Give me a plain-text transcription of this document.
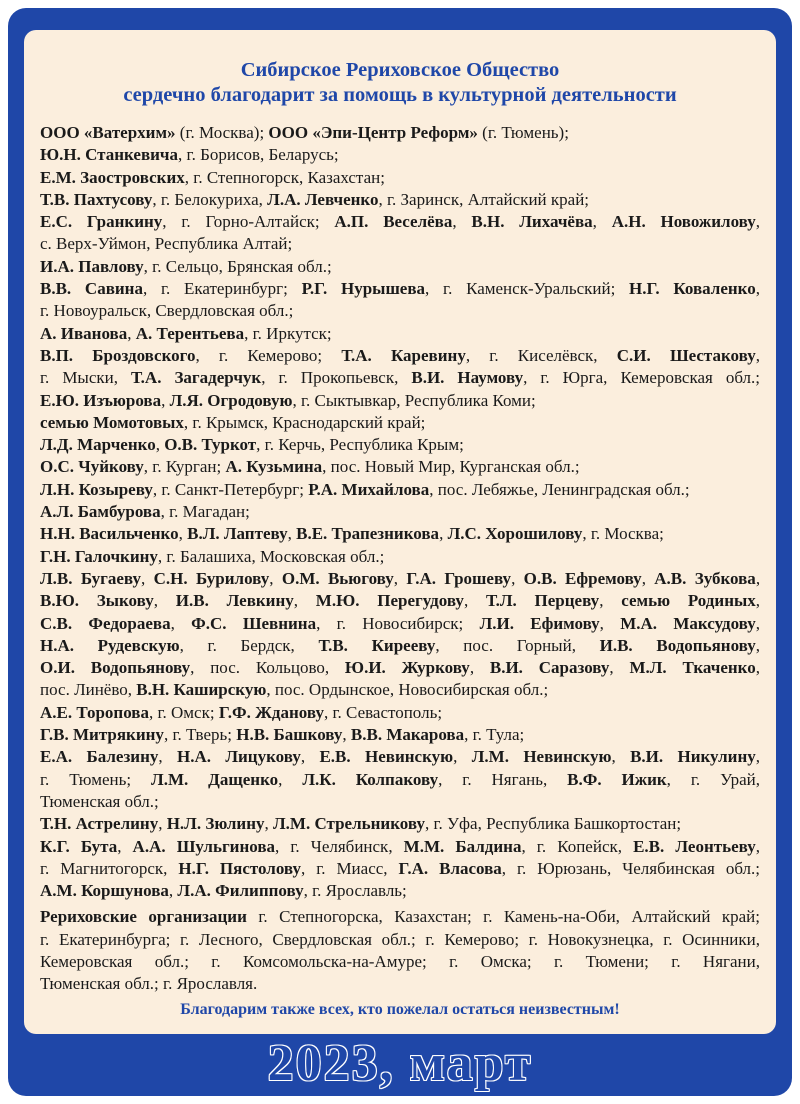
Сибирское Рериховское Общество
сердечно благодарит за помощь в культурной деятельности
ООО «Ватерхим» (г. Москва); ООО «Эпи-Центр Реформ» (г. Тюмень);
Ю.Н. Станкевича, г. Борисов, Беларусь;
Е.М. Заостровских, г. Степногорск, Казахстан;
Т.В. Пахтусову, г. Белокуриха, Л.А. Левченко, г. Заринск, Алтайский край;
Е.С. Гранкину, г. Горно-Алтайск; А.П. Веселёва, В.Н. Лихачёва, А.Н. Новожилову,
с. Верх-Уймон, Республика Алтай;
И.А. Павлову, г. Сельцо, Брянская обл.;
В.В. Савина, г. Екатеринбург; Р.Г. Нурышева, г. Каменск-Уральский; Н.Г. Коваленко,
г. Новоуральск, Свердловская обл.;
А. Иванова, А. Терентьева, г. Иркутск;
В.П. Броздовского, г. Кемерово; Т.А. Каревину, г. Киселёвск, С.И. Шестакову,
г. Мыски, Т.А. Загадерчук, г. Прокопьевск, В.И. Наумову, г. Юрга, Кемеровская обл.;
Е.Ю. Изъюрова, Л.Я. Огродовую, г. Сыктывкар, Республика Коми;
семью Момотовых, г. Крымск, Краснодарский край;
Л.Д. Марченко, О.В. Туркот, г. Керчь, Республика Крым;
О.С. Чуйкову, г. Курган; А. Кузьмина, пос. Новый Мир, Курганская обл.;
Л.Н. Козыреву, г. Санкт-Петербург; Р.А. Михайлова, пос. Лебяжье, Ленинградская обл.;
А.Л. Бамбурова, г. Магадан;
Н.Н. Васильченко, В.Л. Лаптеву, В.Е. Трапезникова, Л.С. Хорошилову, г. Москва;
Г.Н. Галочкину, г. Балашиха, Московская обл.;
Л.В. Бугаеву, С.Н. Бурилову, О.М. Вьюгову, Г.А. Грошеву, О.В. Ефремову, А.В. Зубкова,
В.Ю. Зыкову, И.В. Левкину, М.Ю. Перегудову, Т.Л. Перцеву, семью Родиных,
С.В. Федораева, Ф.С. Шевнина, г. Новосибирск; Л.И. Ефимову, М.А. Максудову,
Н.А. Рудевскую, г. Бердск, Т.В. Кирееву, пос. Горный, И.В. Водопьянову,
О.И. Водопьянову, пос. Кольцово, Ю.И. Журкову, В.И. Саразову, М.Л. Ткаченко,
пос. Линёво, В.Н. Каширскую, пос. Ордынское, Новосибирская обл.;
А.Е. Торопова, г. Омск; Г.Ф. Жданову, г. Севастополь;
Г.В. Митрякину, г. Тверь; Н.В. Башкову, В.В. Макарова, г. Тула;
Е.А. Балезину, Н.А. Лицукову, Е.В. Невинскую, Л.М. Невинскую, В.И. Никулину,
г. Тюмень; Л.М. Дащенко, Л.К. Колпакову, г. Нягань, В.Ф. Ижик, г. Урай,
Тюменская обл.;
Т.Н. Астрелину, Н.Л. Зюлину, Л.М. Стрельникову, г. Уфа, Республика Башкортостан;
К.Г. Бута, А.А. Шульгинова, г. Челябинск, М.М. Балдина, г. Копейск, Е.В. Леонтьеву,
г. Магнитогорск, Н.Г. Пястолову, г. Миасс, Г.А. Власова, г. Юрюзань, Челябинская обл.;
А.М. Коршунова, Л.А. Филиппову, г. Ярославль;
Рериховские организации г. Степногорска, Казахстан; г. Камень-на-Оби, Алтайский край;
г. Екатеринбурга; г. Лесного, Свердловская обл.; г. Кемерово; г. Новокузнецка, г. Осинники,
Кемеровская обл.; г. Комсомольска-на-Амуре; г. Омска; г. Тюмени; г. Нягани,
Тюменская обл.; г. Ярославля.
Благодарим также всех, кто пожелал остаться неизвестным!
2023, март
